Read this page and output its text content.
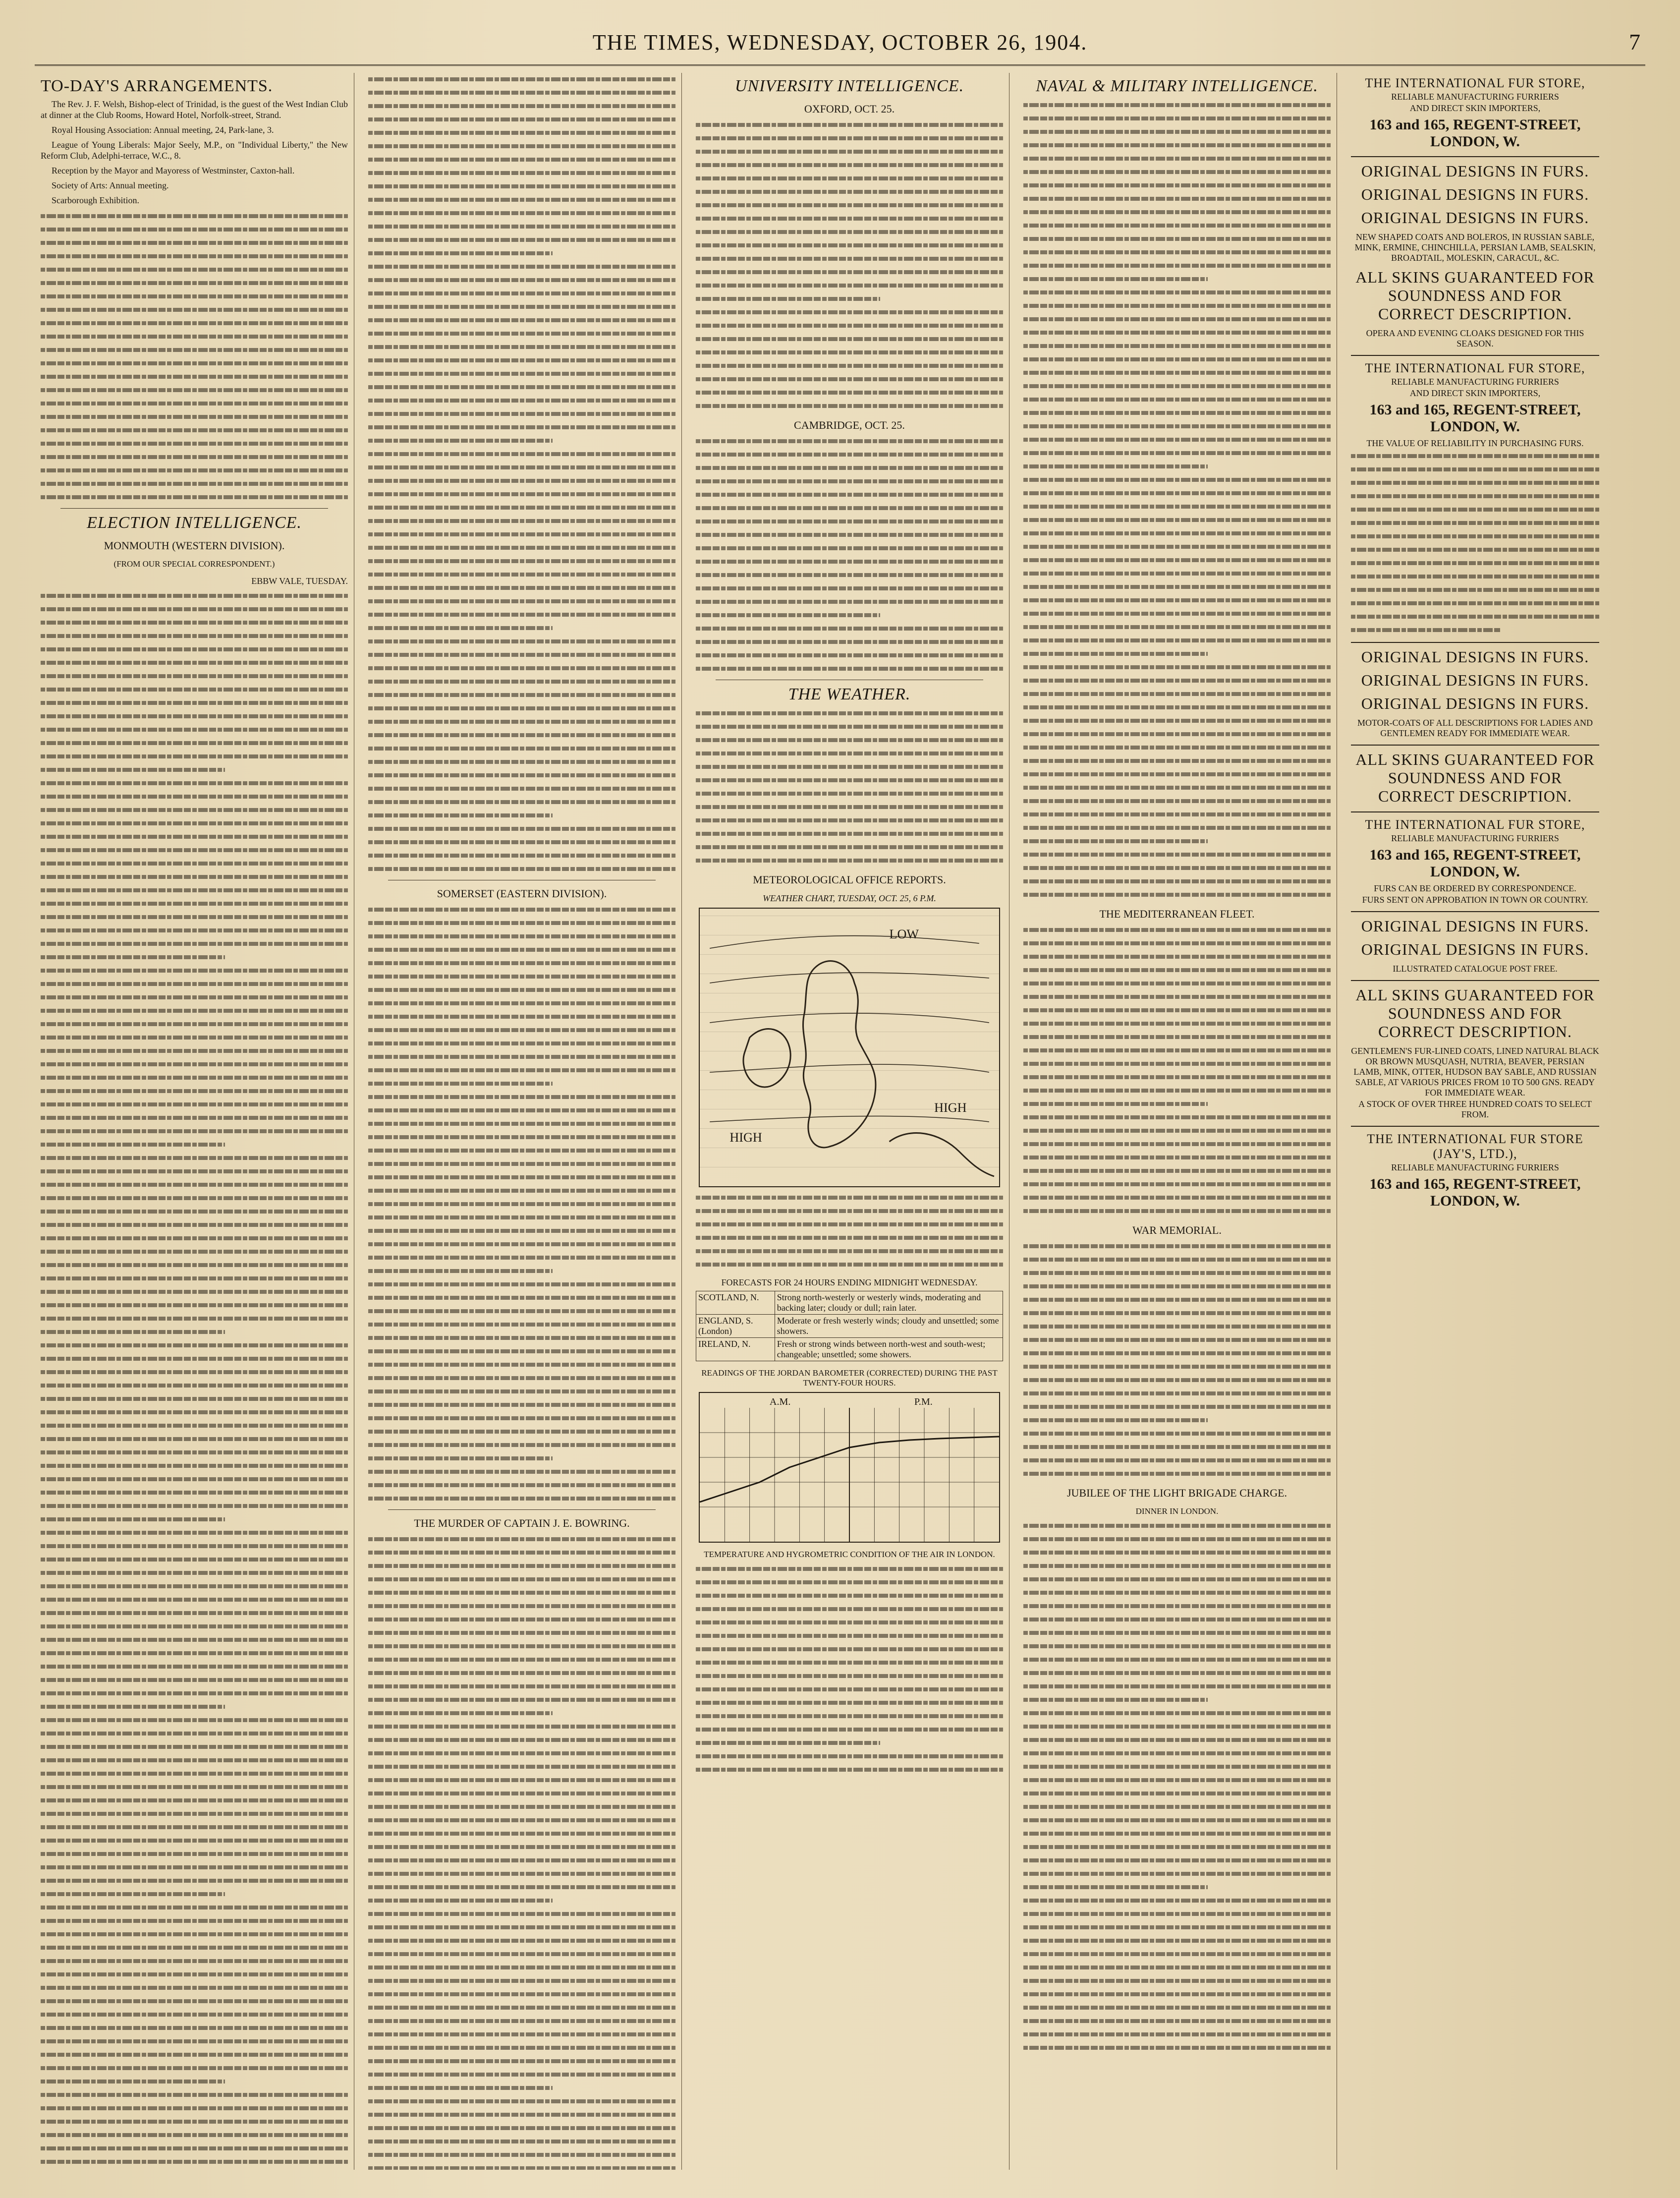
THE TIMES, WEDNESDAY, OCTOBER 26, 1904.	7
TO-DAY'S ARRANGEMENTS.
The Rev. J. F. Welsh, Bishop-elect of Trinidad, is the guest of the West Indian Club at dinner at the Club Rooms, Howard Hotel, Norfolk-street, Strand.
Royal Housing Association: Annual meeting, 24, Park-lane, 3.
League of Young Liberals: Major Seely, M.P., on "Individual Liberty," the New Reform Club, Adelphi-terrace, W.C., 8.
Reception by the Mayor and Mayoress of Westminster, Caxton-hall.
Society of Arts: Annual meeting.
Scarborough Exhibition.
ELECTION INTELLIGENCE.
MONMOUTH (WESTERN DIVISION).
(FROM OUR SPECIAL CORRESPONDENT.)
EBBW VALE, TUESDAY.
SOMERSET (EASTERN DIVISION).
THE MURDER OF CAPTAIN J. E. BOWRING.
UNIVERSITY INTELLIGENCE.
OXFORD, OCT. 25.
CAMBRIDGE, OCT. 25.
THE WEATHER.
METEOROLOGICAL OFFICE REPORTS.
WEATHER CHART, TUESDAY, OCT. 25, 6 P.M.
LOW
HIGH
HIGH
FORECASTS FOR 24 HOURS ENDING MIDNIGHT WEDNESDAY.
SCOTLAND, N.	Strong north-westerly or westerly winds, moderating and backing later; cloudy or dull; rain later.
ENGLAND, S. (London)	Moderate or fresh westerly winds; cloudy and unsettled; some showers.
IRELAND, N.	Fresh or strong winds between north-west and south-west; changeable; unsettled; some showers.
READINGS OF THE JORDAN BAROMETER (CORRECTED) DURING THE PAST TWENTY-FOUR HOURS.
A.M.	P.M.
TEMPERATURE AND HYGROMETRIC CONDITION OF THE AIR IN LONDON.
NAVAL & MILITARY INTELLIGENCE.
THE MEDITERRANEAN FLEET.
WAR MEMORIAL.
JUBILEE OF THE LIGHT BRIGADE CHARGE.
DINNER IN LONDON.
THE INTERNATIONAL FUR STORE,
RELIABLE MANUFACTURING FURRIERS
AND DIRECT SKIN IMPORTERS,
163 and 165, REGENT-STREET, LONDON, W.
ORIGINAL DESIGNS IN FURS.
ORIGINAL DESIGNS IN FURS.
ORIGINAL DESIGNS IN FURS.
NEW SHAPED COATS AND BOLEROS, IN RUSSIAN SABLE, MINK, ERMINE, CHINCHILLA, PERSIAN LAMB, SEALSKIN, BROADTAIL, MOLESKIN, CARACUL, &C.
ALL SKINS GUARANTEED FOR SOUNDNESS AND FOR CORRECT DESCRIPTION.
OPERA AND EVENING CLOAKS DESIGNED FOR THIS SEASON.
THE INTERNATIONAL FUR STORE,
RELIABLE MANUFACTURING FURRIERS
AND DIRECT SKIN IMPORTERS,
163 and 165, REGENT-STREET, LONDON, W.
THE VALUE OF RELIABILITY IN PURCHASING FURS.
ORIGINAL DESIGNS IN FURS.
ORIGINAL DESIGNS IN FURS.
ORIGINAL DESIGNS IN FURS.
MOTOR-COATS OF ALL DESCRIPTIONS FOR LADIES AND GENTLEMEN READY FOR IMMEDIATE WEAR.
ALL SKINS GUARANTEED FOR SOUNDNESS AND FOR CORRECT DESCRIPTION.
THE INTERNATIONAL FUR STORE,
RELIABLE MANUFACTURING FURRIERS
163 and 165, REGENT-STREET, LONDON, W.
FURS CAN BE ORDERED BY CORRESPONDENCE.
FURS SENT ON APPROBATION IN TOWN OR COUNTRY.
ORIGINAL DESIGNS IN FURS.
ORIGINAL DESIGNS IN FURS.
ILLUSTRATED CATALOGUE POST FREE.
ALL SKINS GUARANTEED FOR SOUNDNESS AND FOR CORRECT DESCRIPTION.
GENTLEMEN'S FUR-LINED COATS, LINED NATURAL BLACK OR BROWN MUSQUASH, NUTRIA, BEAVER, PERSIAN LAMB, MINK, OTTER, HUDSON BAY SABLE, AND RUSSIAN SABLE, AT VARIOUS PRICES FROM 10 TO 500 GNS. READY FOR IMMEDIATE WEAR.
A STOCK OF OVER THREE HUNDRED COATS TO SELECT FROM.
THE INTERNATIONAL FUR STORE (JAY'S, LTD.),
RELIABLE MANUFACTURING FURRIERS
163 and 165, REGENT-STREET, LONDON, W.
